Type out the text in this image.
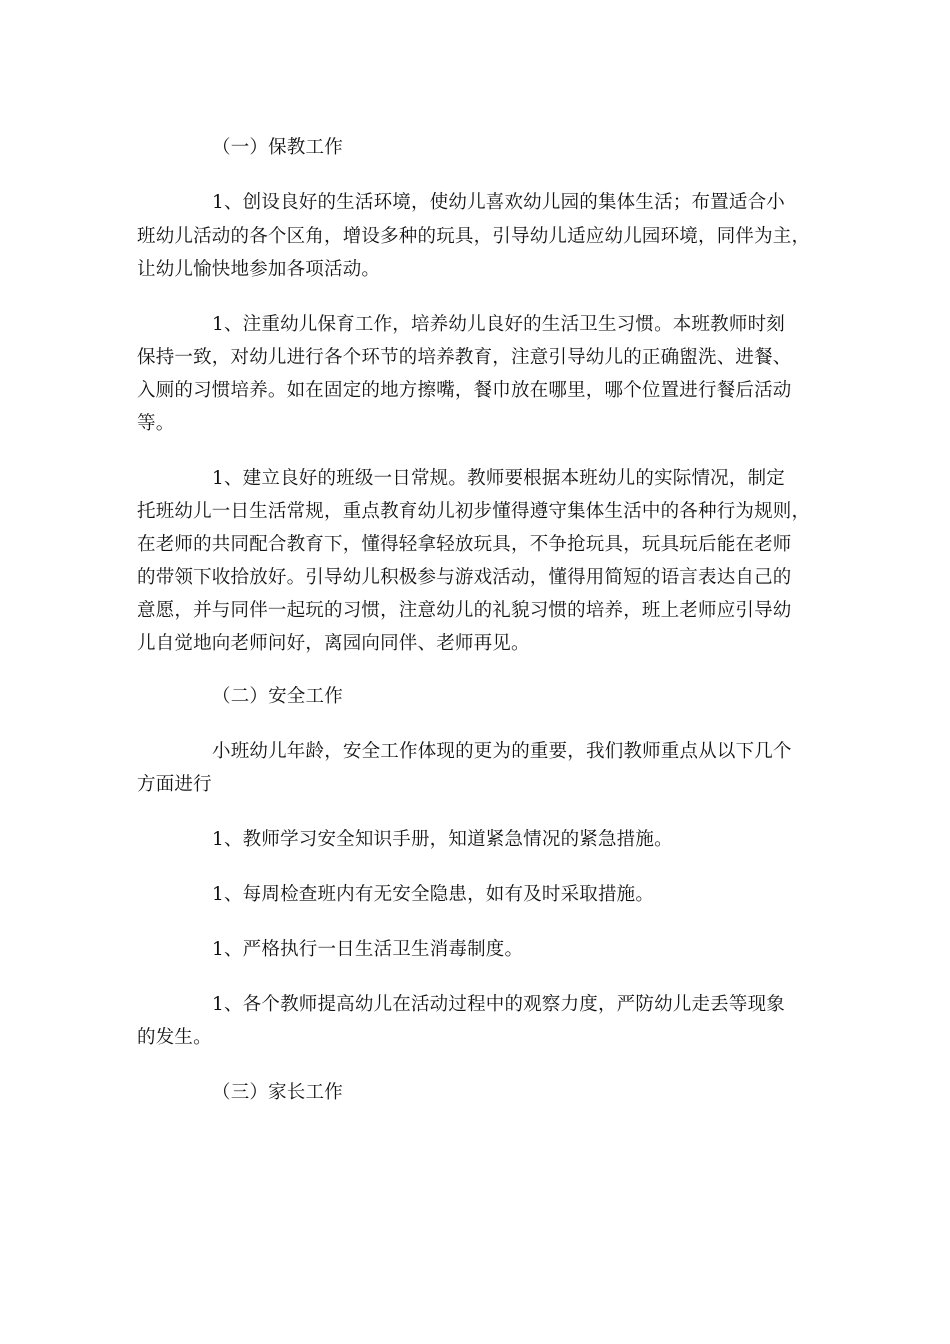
（一）保教工作
1、创设良好的生活环境，使幼儿喜欢幼儿园的集体生活；布置适合小
班幼儿活动的各个区角，增设多种的玩具，引导幼儿适应幼儿园环境，同伴为主，
让幼儿愉快地参加各项活动。
1、注重幼儿保育工作，培养幼儿良好的生活卫生习惯。本班教师时刻
保持一致，对幼儿进行各个环节的培养教育，注意引导幼儿的正确盥洗、进餐、
入厕的习惯培养。如在固定的地方擦嘴，餐巾放在哪里，哪个位置进行餐后活动
等。
1、建立良好的班级一日常规。教师要根据本班幼儿的实际情况，制定
托班幼儿一日生活常规，重点教育幼儿初步懂得遵守集体生活中的各种行为规则，
在老师的共同配合教育下，懂得轻拿轻放玩具，不争抢玩具，玩具玩后能在老师
的带领下收拾放好。引导幼儿积极参与游戏活动，懂得用简短的语言表达自己的
意愿，并与同伴一起玩的习惯，注意幼儿的礼貌习惯的培养，班上老师应引导幼
儿自觉地向老师问好，离园向同伴、老师再见。
（二）安全工作
小班幼儿年龄，安全工作体现的更为的重要，我们教师重点从以下几个
方面进行
1、教师学习安全知识手册，知道紧急情况的紧急措施。
1、每周检查班内有无安全隐患，如有及时采取措施。
1、严格执行一日生活卫生消毒制度。
1、各个教师提高幼儿在活动过程中的观察力度，严防幼儿走丢等现象
的发生。
（三）家长工作
